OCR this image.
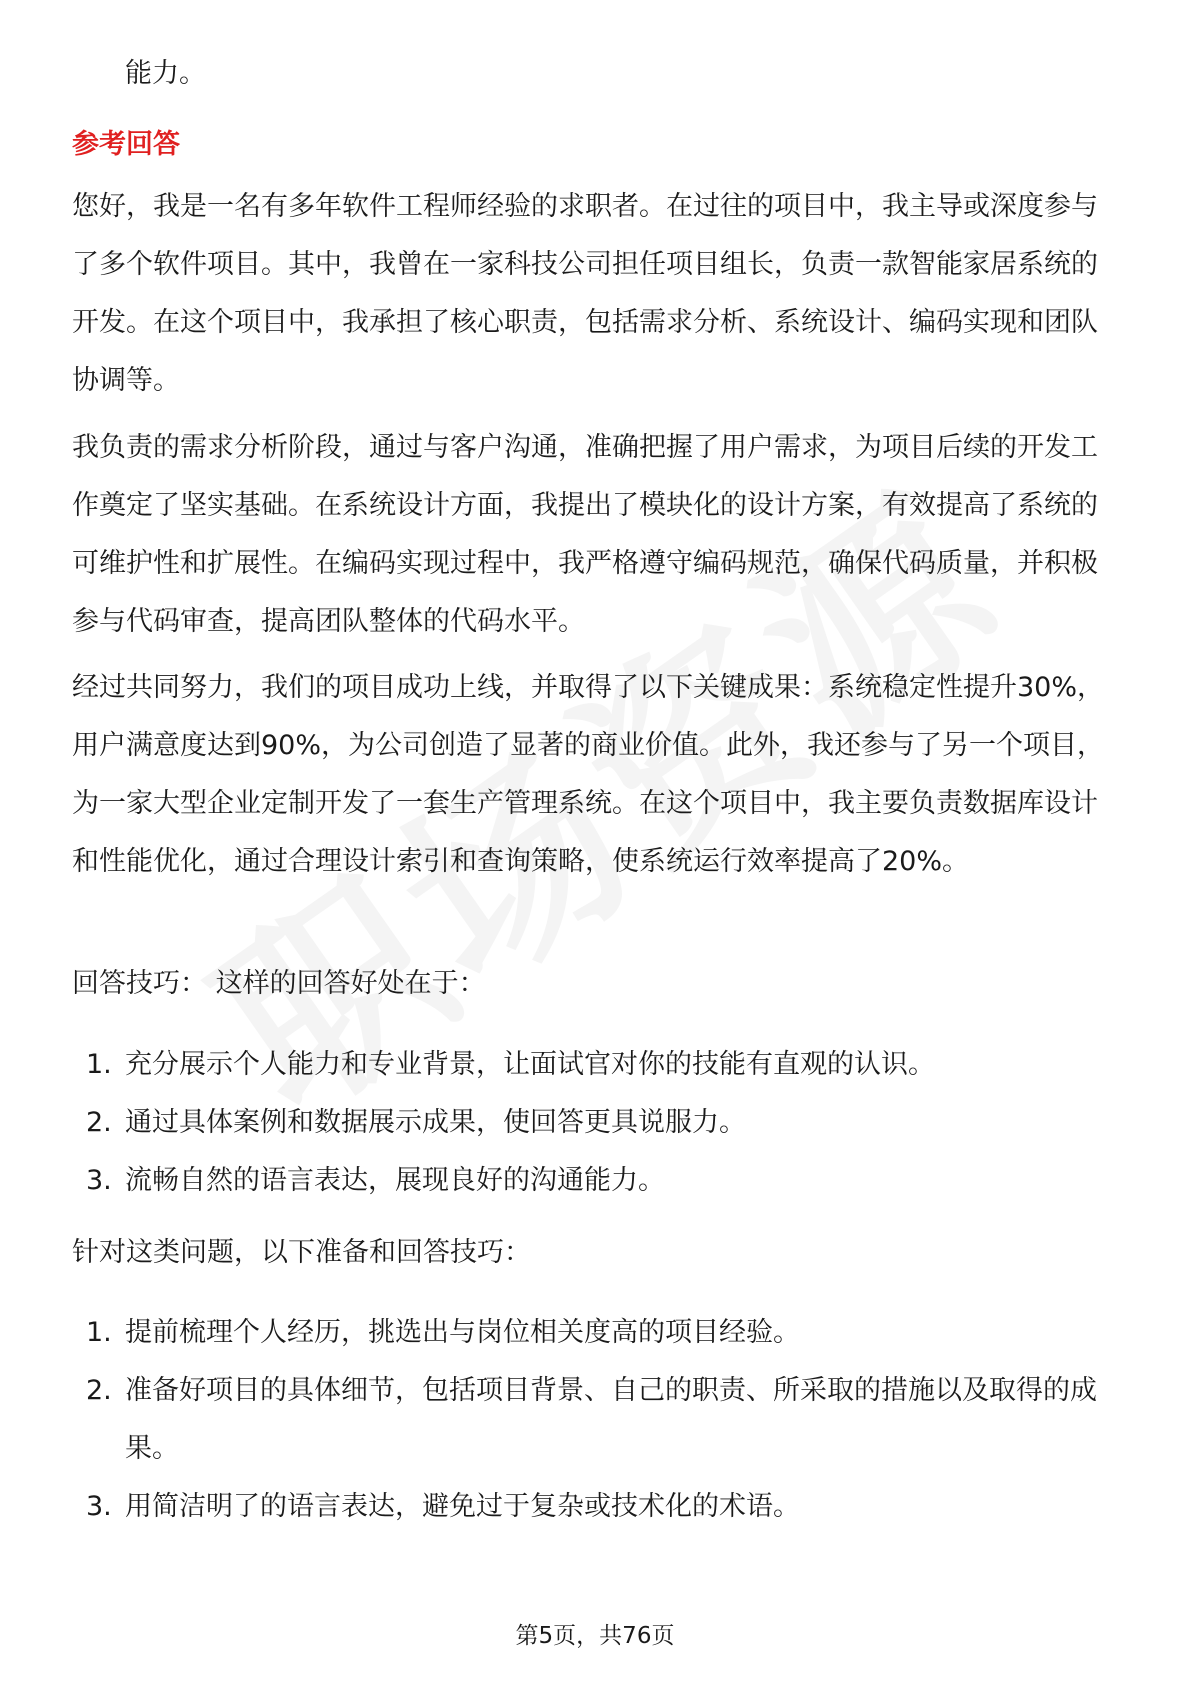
能力。

参考回答

您好，我是一名有多年软件工程师经验的求职者。在过往的项目中，我主导或深度参与了多个软件项目。其中，我曾在一家科技公司担任项目组长，负责一款智能家居系统的开发。在这个项目中，我承担了核心职责，包括需求分析、系统设计、编码实现和团队协调等。

我负责的需求分析阶段，通过与客户沟通，准确把握了用户需求，为项目后续的开发工作奠定了坚实基础。在系统设计方面，我提出了模块化的设计方案，有效提高了系统的可维护性和扩展性。在编码实现过程中，我严格遵守编码规范，确保代码质量，并积极参与代码审查，提高团队整体的代码水平。

经过共同努力，我们的项目成功上线，并取得了以下关键成果：系统稳定性提升30%，用户满意度达到90%，为公司创造了显著的商业价值。此外，我还参与了另一个项目，为一家大型企业定制开发了一套生产管理系统。在这个项目中，我主要负责数据库设计和性能优化，通过合理设计索引和查询策略，使系统运行效率提高了20%。

回答技巧： 这样的回答好处在于：

1. 充分展示个人能力和专业背景，让面试官对你的技能有直观的认识。
2. 通过具体案例和数据展示成果，使回答更具说服力。
3. 流畅自然的语言表达，展现良好的沟通能力。

针对这类问题，以下准备和回答技巧：

1. 提前梳理个人经历，挑选出与岗位相关度高的项目经验。
2. 准备好项目的具体细节，包括项目背景、自己的职责、所采取的措施以及取得的成果。
3. 用简洁明了的语言表达，避免过于复杂或技术化的术语。
第5页，共76页
